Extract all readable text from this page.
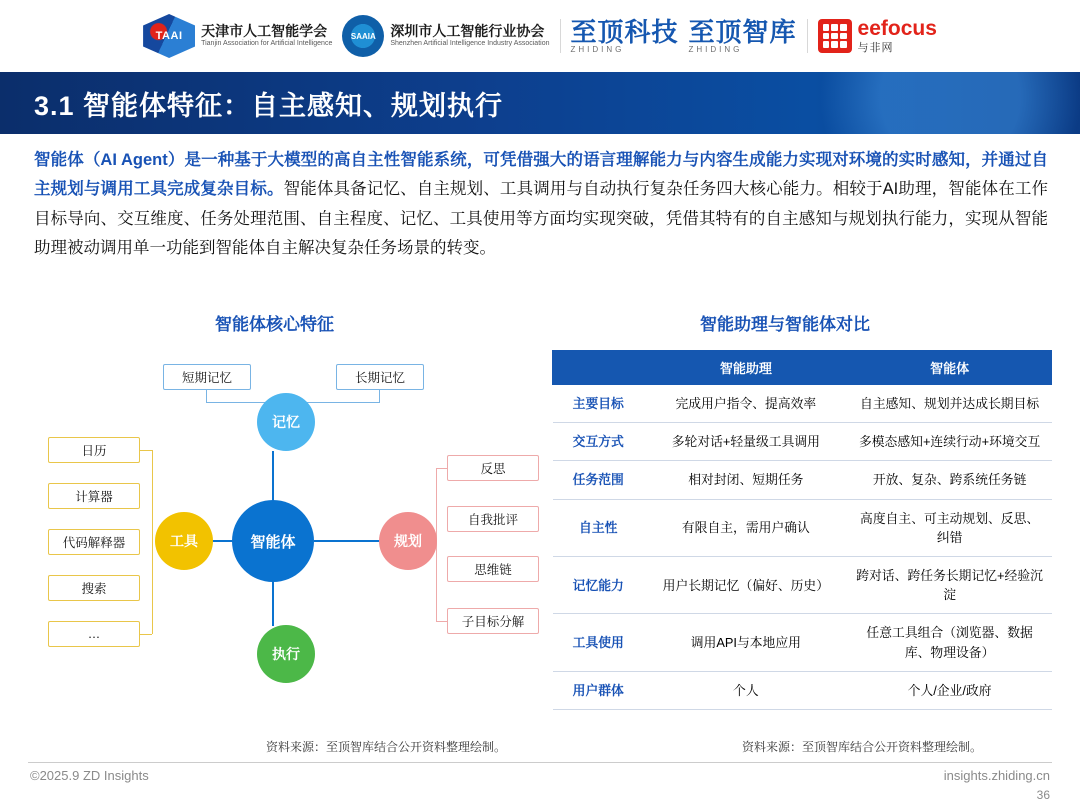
TAAI
天津市人工智能学会
Tianjin Association for Artificial Intelligence
SAAIA	深圳市人工智能行业协会
Shenzhen Artificial Intelligence Industry Association 至顶科技
ZHIDING
至顶智库
ZHIDING
eefocus
与非网
3.1 智能体特征：自主感知、规划执行
智能体（AI Agent）是一种基于大模型的高自主性智能系统，可凭借强大的语言理解能力与内容生成能力实现对环境的实时感知，并通过自主规划与调用工具完成复杂目标。智能体具备记忆、自主规划、工具调用与自动执行复杂任务四大核心能力。相较于AI助理，智能体在工作目标导向、交互维度、任务处理范围、自主程度、记忆、工具使用等方面均实现突破，凭借其特有的自主感知与规划执行能力，实现从智能助理被动调用单一功能到智能体自主解决复杂任务场景的转变。
智能体核心特征	智能助理与智能体对比
短期记忆	长期记忆
日历
计算器
代码解释器
搜索
…
反思
自我批评
思维链
子目标分解
记忆
工具	智能体	规划
执行
	智能助理	智能体
主要目标	完成用户指令、提高效率	自主感知、规划并达成长期目标
交互方式	多轮对话+轻量级工具调用	多模态感知+连续行动+环境交互
任务范围	相对封闭、短期任务	开放、复杂、跨系统任务链
自主性	有限自主，需用户确认	高度自主、可主动规划、反思、纠错
记忆能力	用户长期记忆（偏好、历史）	跨对话、跨任务长期记忆+经验沉淀
工具使用	调用API与本地应用	任意工具组合（浏览器、数据库、物理设备）
用户群体	个人	个人/企业/政府
资料来源：至顶智库结合公开资料整理绘制。	资料来源：至顶智库结合公开资料整理绘制。
©2025.9 ZD Insights	insights.zhiding.cn
36
